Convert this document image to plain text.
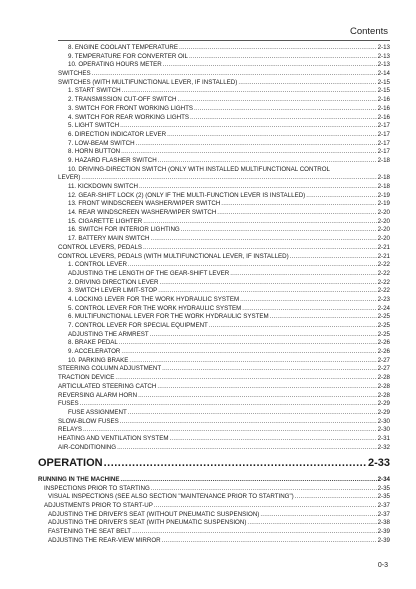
Contents
8. ENGINE COOLANT TEMPERATURE .....	2-13
9. TEMPERATURE FOR CONVERTER OIL .....	2-13
10. OPERATING HOURS METER .....	2-13
SWITCHES .....	2-14
SWITCHES (WITH MULTIFUNCTIONAL LEVER, IF INSTALLED) .....	2-15
1. START SWITCH .....	2-15
2. TRANSMISSION CUT-OFF SWITCH .....	2-16
3. SWITCH FOR FRONT WORKING LIGHTS .....	2-16
4. SWITCH FOR REAR WORKING LIGHTS .....	2-16
5. LIGHT SWITCH .....	2-17
6. DIRECTION INDICATOR LEVER .....	2-17
7. LOW-BEAM SWITCH .....	2-17
8. HORN BUTTON .....	2-17
9. HAZARD FLASHER SWITCH .....	2-18
10. DRIVING-DIRECTION SWITCH (ONLY WITH INSTALLED MULTIFUNCTIONAL CONTROL
LEVER) .....	2-18
11. KICKDOWN SWITCH .....	2-18
12. GEAR-SHIFT LOCK (2) (ONLY IF THE MULTI-FUNCTION LEVER IS INSTALLED) .....	2-19
13. FRONT WINDSCREEN WASHER/WIPER SWITCH .....	2-19
14. REAR WINDSCREEN WASHER/WIPER SWITCH .....	2-20
15. CIGARETTE LIGHTER .....	2-20
16. SWITCH FOR INTERIOR LIGHTING .....	2-20
17. BATTERY MAIN SWITCH .....	2-20
CONTROL LEVERS, PEDALS .....	2-21
CONTROL LEVERS, PEDALS (WITH MULTIFUNCTIONAL LEVER, IF INSTALLED) .....	2-21
1. CONTROL LEVER .....	2-22
ADJUSTING THE LENGTH OF THE GEAR-SHIFT LEVER .....	2-22
2. DRIVING DIRECTION LEVER .....	2-22
3. SWITCH LEVER LIMIT-STOP .....	2-22
4. LOCKING LEVER FOR THE WORK HYDRAULIC SYSTEM .....	2-23
5. CONTROL LEVER FOR THE WORK HYDRAULIC SYSTEM .....	2-24
6. MULTIFUNCTIONAL LEVER FOR THE WORK HYDRAULIC SYSTEM .....	2-25
7. CONTROL LEVER FOR SPECIAL EQUIPMENT .....	2-25
ADJUSTING THE ARMREST .....	2-25
8. BRAKE PEDAL .....	2-26
9. ACCELERATOR .....	2-26
10. PARKING BRAKE .....	2-27
STEERING COLUMN ADJUSTMENT .....	2-27
TRACTION DEVICE .....	2-28
ARTICULATED STEERING CATCH .....	2-28
REVERSING ALARM HORN .....	2-28
FUSES .....	2-29
FUSE ASSIGNMENT .....	2-29
SLOW-BLOW FUSES .....	2-30
RELAYS .....	2-30
HEATING AND VENTILATION SYSTEM .....	2-31
AIR-CONDITIONING .....	2-32
OPERATION .....	2-33
RUNNING IN THE MACHINE .....	2-34
INSPECTIONS PRIOR TO STARTING .....	2-35
VISUAL INSPECTIONS (SEE ALSO SECTION "MAINTENANCE PRIOR TO STARTING") .....	2-35
ADJUSTMENTS PRIOR TO START-UP .....	2-37
ADJUSTING THE DRIVER'S SEAT (WITHOUT PNEUMATIC SUSPENSION) .....	2-37
ADJUSTING THE DRIVER'S SEAT (WITH PNEUMATIC SUSPENSION) .....	2-38
FASTENING THE SEAT BELT .....	2-39
ADJUSTING THE REAR-VIEW MIRROR .....	2-39
0-3
